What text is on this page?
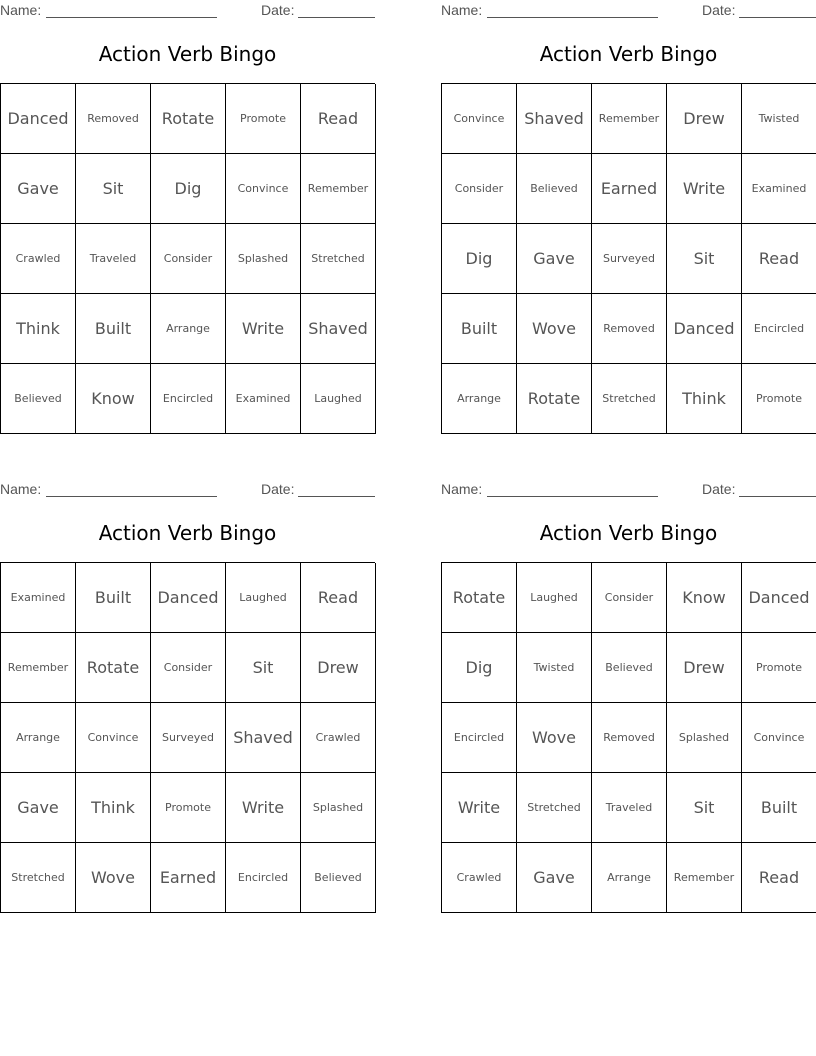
Name:	Date:
Action Verb Bingo
Danced	Removed	Rotate	Promote	Read
Gave	Sit	Dig	Convince	Remember
Crawled	Traveled	Consider	Splashed	Stretched
Think	Built	Arrange	Write	Shaved
Believed	Know	Encircled	Examined	Laughed
Name:	Date:
Action Verb Bingo
Convince	Shaved	Remember	Drew	Twisted
Consider	Believed	Earned	Write	Examined
Dig	Gave	Surveyed	Sit	Read
Built	Wove	Removed	Danced	Encircled
Arrange	Rotate	Stretched	Think	Promote
Name:	Date:
Action Verb Bingo
Examined	Built	Danced	Laughed	Read
Remember	Rotate	Consider	Sit	Drew
Arrange	Convince	Surveyed	Shaved	Crawled
Gave	Think	Promote	Write	Splashed
Stretched	Wove	Earned	Encircled	Believed
Name:	Date:
Action Verb Bingo
Rotate	Laughed	Consider	Know	Danced
Dig	Twisted	Believed	Drew	Promote
Encircled	Wove	Removed	Splashed	Convince
Write	Stretched	Traveled	Sit	Built
Crawled	Gave	Arrange	Remember	Read
